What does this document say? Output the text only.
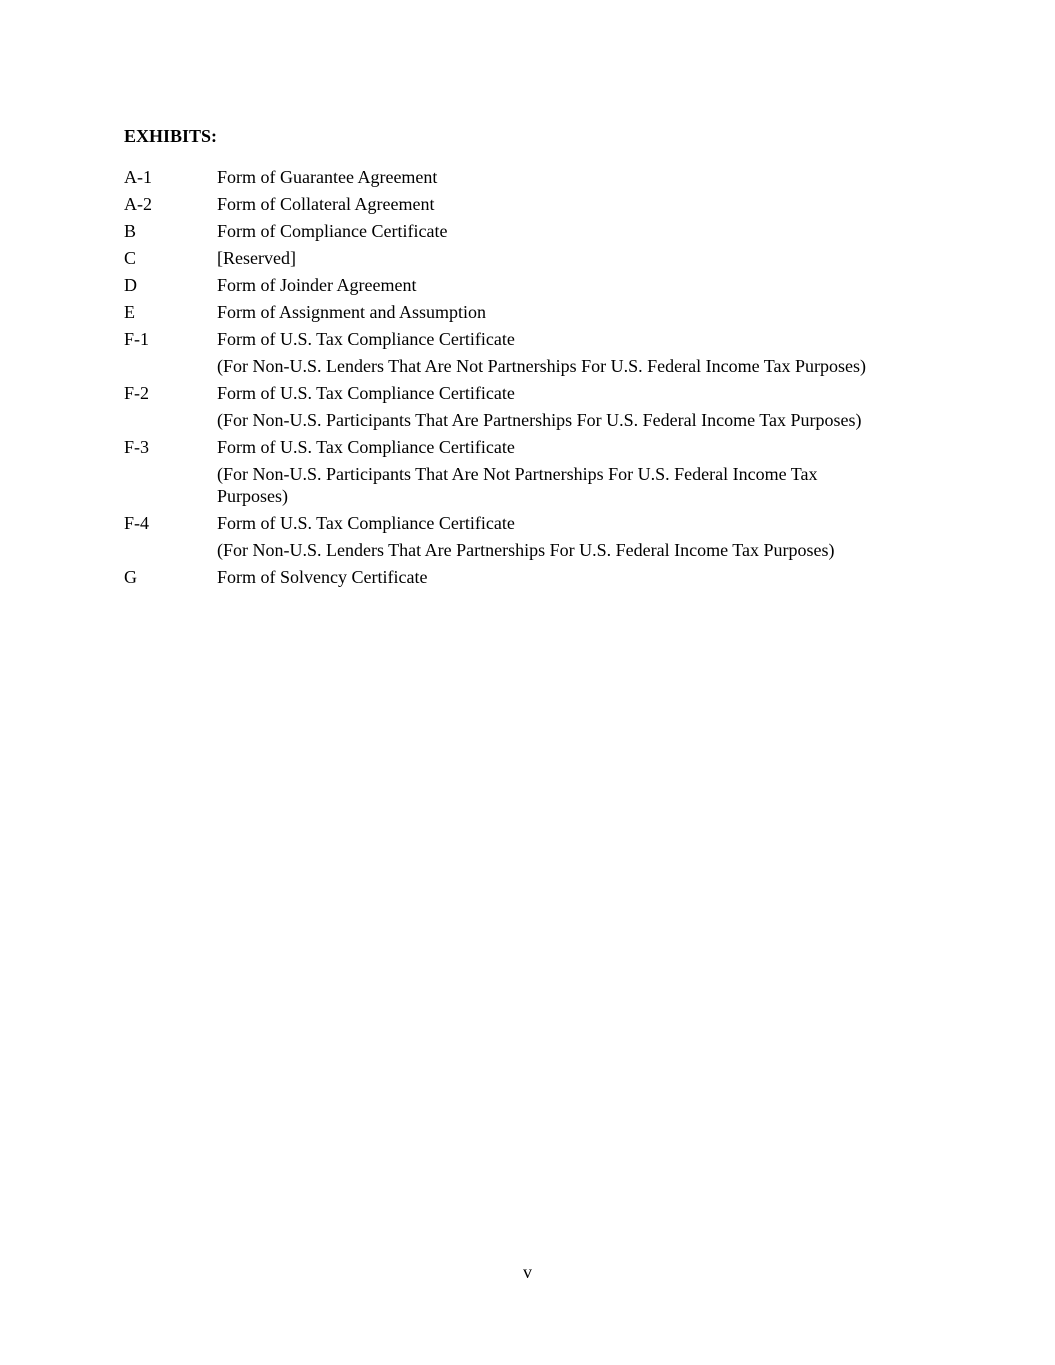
EXHIBITS:
A-1	Form of Guarantee Agreement
A-2	Form of Collateral Agreement
B	Form of Compliance Certificate
C	[Reserved]
D	Form of Joinder Agreement
E	Form of Assignment and Assumption
F-1	Form of U.S. Tax Compliance Certificate
(For Non-U.S. Lenders That Are Not Partnerships For U.S. Federal Income Tax Purposes)
F-2	Form of U.S. Tax Compliance Certificate
(For Non-U.S. Participants That Are Partnerships For U.S. Federal Income Tax Purposes)
F-3	Form of U.S. Tax Compliance Certificate
(For Non-U.S. Participants That Are Not Partnerships For U.S. Federal Income Tax Purposes)
F-4	Form of U.S. Tax Compliance Certificate
(For Non-U.S. Lenders That Are Partnerships For U.S. Federal Income Tax Purposes)
G	Form of Solvency Certificate
v
